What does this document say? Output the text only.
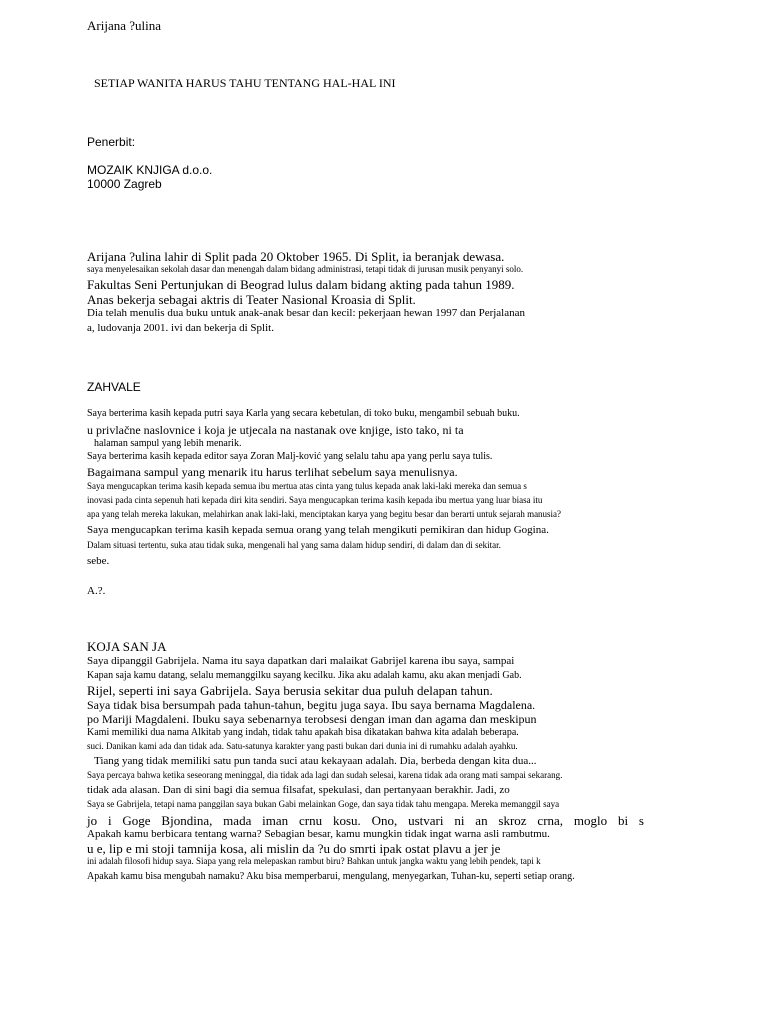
Arijana ?ulina
SETIAP WANITA HARUS TAHU TENTANG HAL-HAL INI
Penerbit:
MOZAIK KNJIGA d.o.o.
10000 Zagreb
Arijana ?ulina lahir di Split pada 20 Oktober 1965. Di Split, ia beranjak dewasa.
saya menyelesaikan sekolah dasar dan menengah dalam bidang administrasi, tetapi tidak di jurusan musik penyanyi solo.
Fakultas Seni Pertunjukan di Beograd lulus dalam bidang akting pada tahun 1989.
Anas bekerja sebagai aktris di Teater Nasional Kroasia di Split.
Dia telah menulis dua buku untuk anak-anak besar dan kecil: pekerjaan hewan 1997 dan Perjalanan
a, ludovanja 2001. ivi dan bekerja di Split.
ZAHVALE
Saya berterima kasih kepada putri saya Karla yang secara kebetulan, di toko buku, mengambil sebuah buku.
u privlačne naslovnice i koja je utjecala na nastanak ove knjige, isto tako, ni ta
halaman sampul yang lebih menarik.
Saya berterima kasih kepada editor saya Zoran Malj-ković yang selalu tahu apa yang perlu saya tulis.
Bagaimana sampul yang menarik itu harus terlihat sebelum saya menulisnya.
Saya mengucapkan terima kasih kepada semua ibu mertua atas cinta yang tulus kepada anak laki-laki mereka dan semua s
inovasi pada cinta sepenuh hati kepada diri kita sendiri. Saya mengucapkan terima kasih kepada ibu mertua yang luar biasa itu
apa yang telah mereka lakukan, melahirkan anak laki-laki, menciptakan karya yang begitu besar dan berarti untuk sejarah manusia?
Saya mengucapkan terima kasih kepada semua orang yang telah mengikuti pemikiran dan hidup Gogina.
Dalam situasi tertentu, suka atau tidak suka, mengenali hal yang sama dalam hidup sendiri, di dalam dan di sekitar.
sebe.
A.?.
KOJA SAN JA
Saya dipanggil Gabrijela. Nama itu saya dapatkan dari malaikat Gabrijel karena ibu saya, sampai
Kapan saja kamu datang, selalu memanggilku sayang kecilku. Jika aku adalah kamu, aku akan menjadi Gab.
Rijel, seperti ini saya Gabrijela. Saya berusia sekitar dua puluh delapan tahun.
Saya tidak bisa bersumpah pada tahun-tahun, begitu juga saya. Ibu saya bernama Magdalena.
po Mariji Magdaleni. Ibuku saya sebenarnya terobsesi dengan iman dan agama dan meskipun
Kami memiliki dua nama Alkitab yang indah, tidak tahu apakah bisa dikatakan bahwa kita adalah beberapa.
suci. Danikan kami ada dan tidak ada. Satu-satunya karakter yang pasti bukan dari dunia ini di rumahku adalah ayahku.
Tiang yang tidak memiliki satu pun tanda suci atau kekayaan adalah. Dia, berbeda dengan kita dua...
Saya percaya bahwa ketika seseorang meninggal, dia tidak ada lagi dan sudah selesai, karena tidak ada orang mati sampai sekarang.
tidak ada alasan. Dan di sini bagi dia semua filsafat, spekulasi, dan pertanyaan berakhir. Jadi, zo
Saya se Gabrijela, tetapi nama panggilan saya bukan Gabi melainkan Goge, dan saya tidak tahu mengapa. Mereka memanggil saya
jo i Goge Bjondina, mada iman crnu kosu. Ono, ustvari ni an skroz crna, moglo bi s
Apakah kamu berbicara tentang warna? Sebagian besar, kamu mungkin tidak ingat warna asli rambutmu.
u e, lip e mi stoji tamnija kosa, ali mislin da ?u do smrti ipak ostat plavu a jer je
ini adalah filosofi hidup saya. Siapa yang rela melepaskan rambut biru? Bahkan untuk jangka waktu yang lebih pendek, tapi k
Apakah kamu bisa mengubah namaku? Aku bisa memperbarui, mengulang, menyegarkan, Tuhan-ku, seperti setiap orang.
